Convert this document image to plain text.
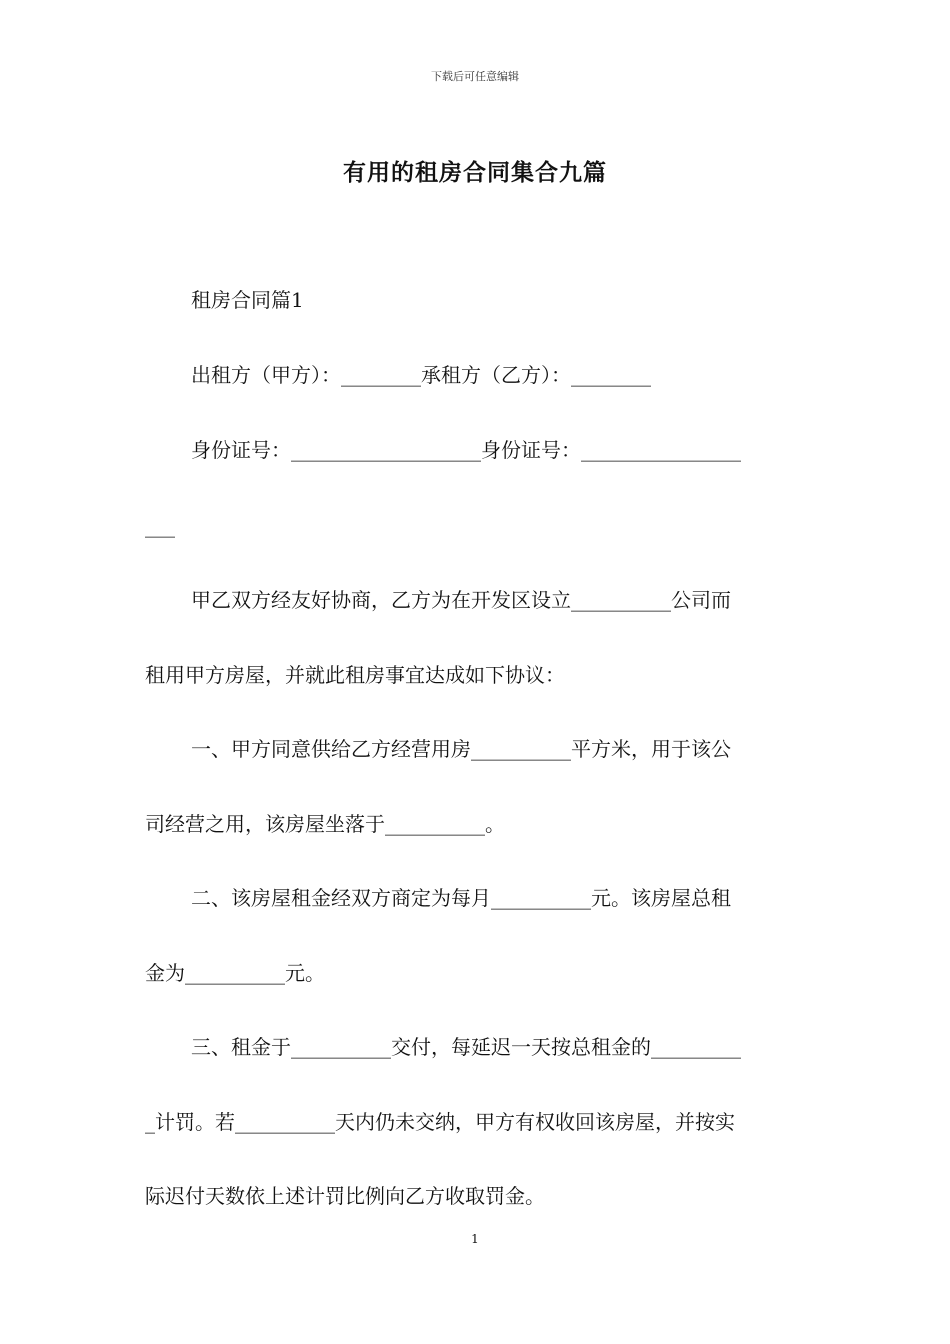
下载后可任意编辑
有用的租房合同集合九篇
租房合同篇1
出租方（甲方）：________承租方（乙方）：________
身份证号：___________________身份证号：________________
___
甲乙双方经友好协商，乙方为在开发区设立__________公司而
租用甲方房屋，并就此租房事宜达成如下协议：
一、甲方同意供给乙方经营用房__________平方米，用于该公
司经营之用，该房屋坐落于__________。
二、该房屋租金经双方商定为每月__________元。该房屋总租
金为__________元。
三、租金于__________交付，每延迟一天按总租金的_________
_计罚。若__________天内仍未交纳，甲方有权收回该房屋，并按实
际迟付天数依上述计罚比例向乙方收取罚金。
1
